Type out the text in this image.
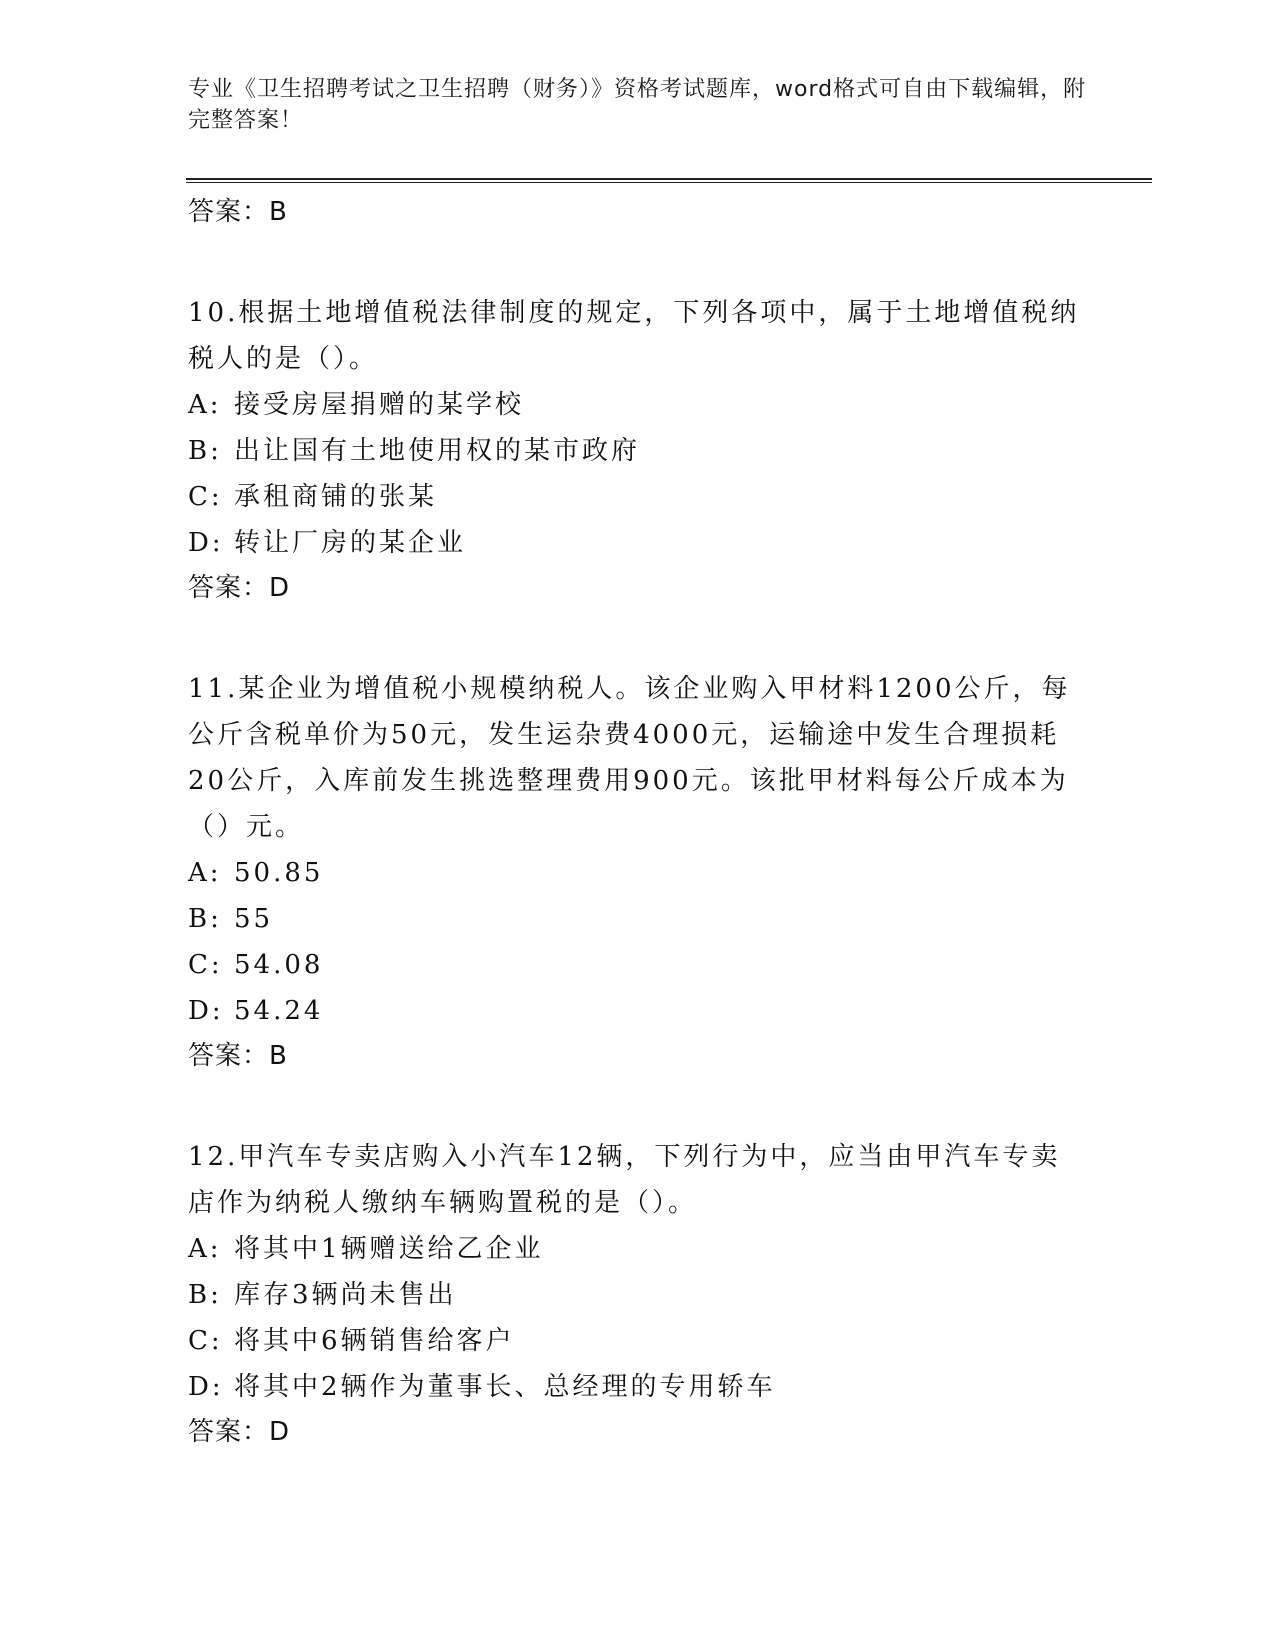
专业《卫生招聘考试之卫生招聘（财务）》资格考试题库，word格式可自由下载编辑，附完整答案！
答案：B

10.根据土地增值税法律制度的规定，下列各项中，属于土地增值税纳税人的是（）。

A: 接受房屋捐赠的某学校
B: 出让国有土地使用权的某市政府
C: 承租商铺的张某
D: 转让厂房的某企业
答案：D

11.某企业为增值税小规模纳税人。该企业购入甲材料1200公斤，每公斤含税单价为50元，发生运杂费4000元，运输途中发生合理损耗20公斤，入库前发生挑选整理费用900元。该批甲材料每公斤成本为（）元。

A: 50.85
B: 55
C: 54.08
D: 54.24
答案：B

12.甲汽车专卖店购入小汽车12辆，下列行为中，应当由甲汽车专卖店作为纳税人缴纳车辆购置税的是（）。

A: 将其中1辆赠送给乙企业
B: 库存3辆尚未售出
C: 将其中6辆销售给客户
D: 将其中2辆作为董事长、总经理的专用轿车
答案：D
